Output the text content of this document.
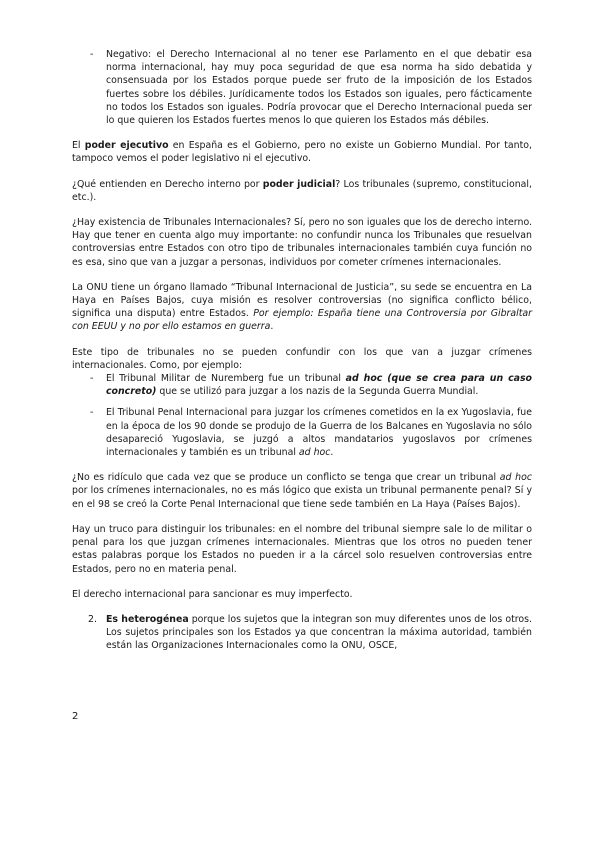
- Negativo: el Derecho Internacional al no tener ese Parlamento en el que debatir esa norma internacional, hay muy poca seguridad de que esa norma ha sido debatida y consensuada por los Estados porque puede ser fruto de la imposición de los Estados fuertes sobre los débiles. Jurídicamente todos los Estados son iguales, pero fácticamente no todos los Estados son iguales. Podría provocar que el Derecho Internacional pueda ser lo que quieren los Estados fuertes menos lo que quieren los Estados más débiles.

El poder ejecutivo en España es el Gobierno, pero no existe un Gobierno Mundial. Por tanto, tampoco vemos el poder legislativo ni el ejecutivo.

¿Qué entienden en Derecho interno por poder judicial? Los tribunales (supremo, constitucional, etc.).

¿Hay existencia de Tribunales Internacionales? Sí, pero no son iguales que los de derecho interno. Hay que tener en cuenta algo muy importante: no confundir nunca los Tribunales que resuelvan controversias entre Estados con otro tipo de tribunales internacionales también cuya función no es esa, sino que van a juzgar a personas, individuos por cometer crímenes internacionales.

La ONU tiene un órgano llamado “Tribunal Internacional de Justicia”, su sede se encuentra en La Haya en Países Bajos, cuya misión es resolver controversias (no significa conflicto bélico, significa una disputa) entre Estados. Por ejemplo: España tiene una Controversia por Gibraltar con EEUU y no por ello estamos en guerra.

Este tipo de tribunales no se pueden confundir con los que van a juzgar crímenes internacionales. Como, por ejemplo:

- El Tribunal Militar de Nuremberg fue un tribunal ad hoc (que se crea para un caso concreto) que se utilizó para juzgar a los nazis de la Segunda Guerra Mundial.

- El Tribunal Penal Internacional para juzgar los crímenes cometidos en la ex Yugoslavia, fue en la época de los 90 donde se produjo de la Guerra de los Balcanes en Yugoslavia no sólo desapareció Yugoslavia, se juzgó a altos mandatarios yugoslavos por crímenes internacionales y también es un tribunal ad hoc.

¿No es ridículo que cada vez que se produce un conflicto se tenga que crear un tribunal ad hoc por los crímenes internacionales, no es más lógico que exista un tribunal permanente penal? Sí y en el 98 se creó la Corte Penal Internacional que tiene sede también en La Haya (Países Bajos).

Hay un truco para distinguir los tribunales: en el nombre del tribunal siempre sale lo de militar o penal para los que juzgan crímenes internacionales. Mientras que los otros no pueden tener estas palabras porque los Estados no pueden ir a la cárcel solo resuelven controversias entre Estados, pero no en materia penal.

El derecho internacional para sancionar es muy imperfecto.

2. Es heterogénea porque los sujetos que la integran son muy diferentes unos de los otros. Los sujetos principales son los Estados ya que concentran la máxima autoridad, también están las Organizaciones Internacionales como la ONU, OSCE,

2
